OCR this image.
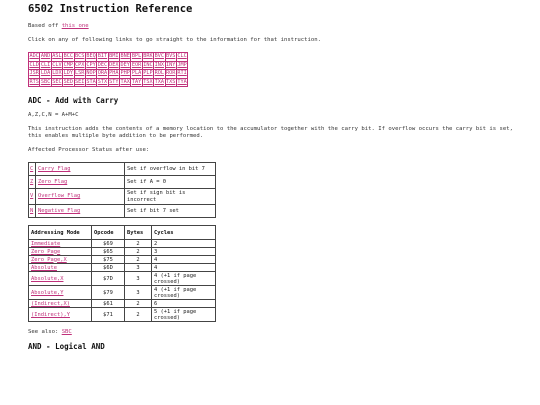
6502 Instruction Reference

Based off this one

Click on any of following links to go straight to the information for that instruction.

ADC	AND	ASL	BCC	BCS	BEQ	BIT	BMI	BNE	BPL	BRK	BVC	BVS	CLC
CLD	CLI	CLV	CMP	CPX	CPY	DEC	DEX	DEY	EOR	INC	INX	INY	JMP
JSR	LDA	LDX	LDY	LSR	NOP	ORA	PHA	PHP	PLA	PLP	ROL	ROR	RTI
RTS	SBC	SEC	SED	SEI	STA	STX	STY	TAX	TAY	TSX	TXA	TXS	TYA
ADC - Add with Carry

A,Z,C,N = A+M+C

This instruction adds the contents of a memory location to the accumulator together with the carry bit. If overflow occurs the carry bit is set, this enables multiple byte addition to be performed.

Affected Processor Status after use:

C	Carry Flag	Set if overflow in bit 7
Z	Zero Flag	Set if A = 0
V	Overflow Flag	Set if sign bit is incorrect
N	Negative Flag	Set if bit 7 set
Addressing Mode	Opcode	Bytes	Cycles
Immediate	$69	2	2
Zero Page	$65	2	3
Zero Page,X	$75	2	4
Absolute	$6D	3	4
Absolute,X	$7D	3	4 (+1 if page crossed)
Absolute,Y	$79	3	4 (+1 if page crossed)
(Indirect,X)	$61	2	6
(Indirect),Y	$71	2	5 (+1 if page crossed)

See also: SBC

AND - Logical AND
